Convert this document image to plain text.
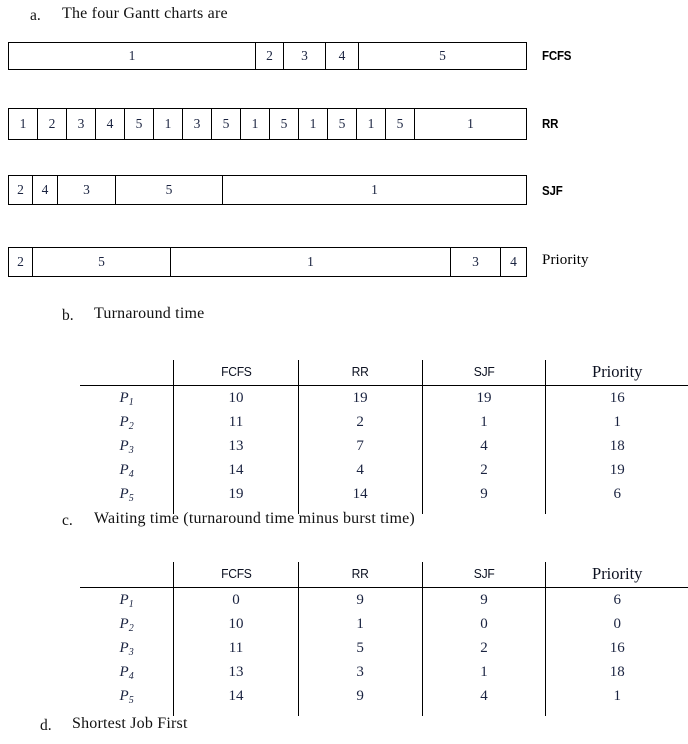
a. The four Gantt charts are
1	2	3	4	5	FCFS
1	2	3	4	5	1	3	5	1	5	1	5	1	5	1	RR
2	4	3	5	1	SJF
2	5	1	3	4	Priority
b. Turnaround time
	FCFS	RR	SJF	Priority

$P_1$	10	19	19	16
$P_2$	11	2	1	1
$P_3$	13	7	4	18
$P_4$	14	4	2	19
$P_5$	19	14	9	6

c. Waiting time (turnaround time minus burst time)
	FCFS	RR	SJF	Priority

$P_1$	0	9	9	6
$P_2$	10	1	0	0
$P_3$	11	5	2	16
$P_4$	13	3	1	18
$P_5$	14	9	4	1

d. Shortest Job First
